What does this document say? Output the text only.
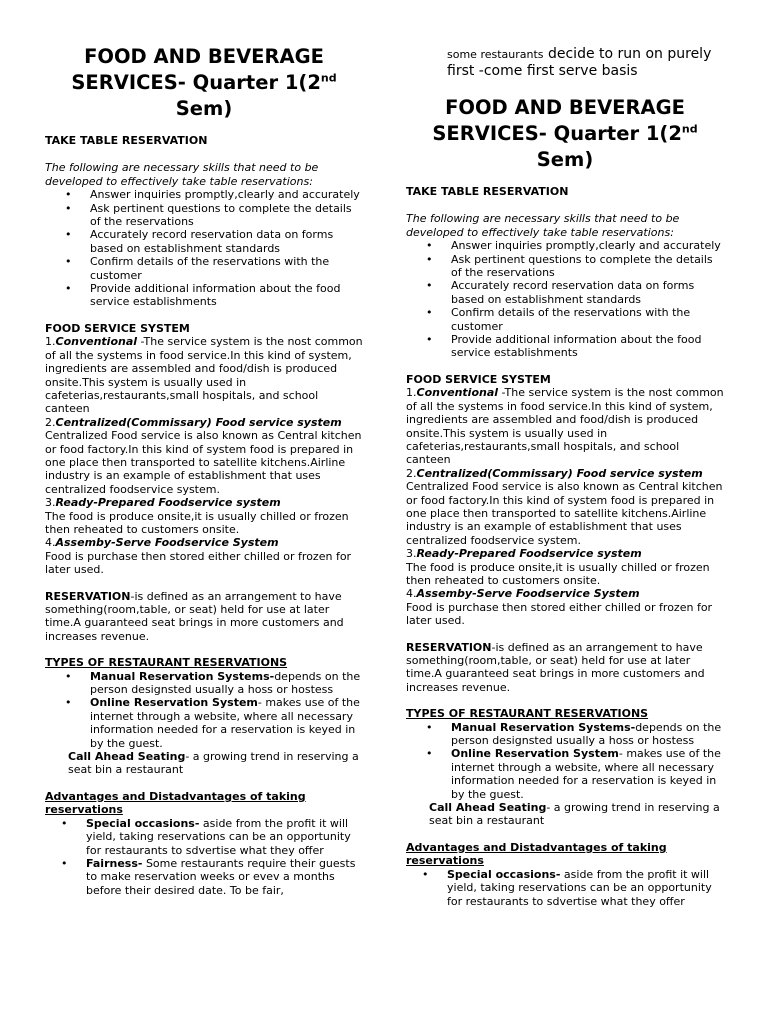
FOOD AND BEVERAGE SERVICES- Quarter 1(2nd
Sem)

TAKE TABLE RESERVATION

The following are necessary skills that need to be developed to effectively take table reservations:

• Answer inquiries promptly,clearly and accurately
• Ask pertinent questions to complete the details of the reservations
• Accurately record reservation data on forms based on establishment standards
• Confirm details of the reservations with the customer
• Provide additional information about the food service establishments

FOOD SERVICE SYSTEM

1.Conventional -The service system is the nost common of all the systems in food service.In this kind of system, ingredients are assembled and food/dish is produced onsite.This system is usually used in cafeterias,restaurants,small hospitals, and school canteen

2.Centralized(Commissary) Food service system
Centralized Food service is also known as Central kitchen or food factory.In this kind of system food is prepared in one place then transported to satellite kitchens.Airline industry is an example of establishment that uses centralized foodservice system.

3.Ready-Prepared Foodservice system
The food is produce onsite,it is usually chilled or frozen then reheated to customers onsite.

4.Assemby-Serve Foodservice System
Food is purchase then stored either chilled or frozen for later used.

RESERVATION-is defined as an arrangement to have something(room,table, or seat) held for use at later time.A guaranteed seat brings in more customers and increases revenue.

TYPES OF RESTAURANT RESERVATIONS

• Manual Reservation Systems-depends on the person designsted usually a hoss or hostess
• Online Reservation System- makes use of the internet through a website, where all necessary information needed for a reservation is keyed in by the guest.

Call Ahead Seating- a growing trend in reserving a seat bin a restaurant

Advantages and Distadvantages of taking reservations

• Special occasions- aside from the profit it will yield, taking reservations can be an opportunity for restaurants to sdvertise what they offer
• Fairness- Some restaurants require their guests to make reservation weeks or evev a months before their desired date. To be fair,

some restaurants decide to run on purely first -come first serve basis

FOOD AND BEVERAGE SERVICES- Quarter 1(2nd
Sem)

TAKE TABLE RESERVATION

The following are necessary skills that need to be developed to effectively take table reservations:

• Answer inquiries promptly,clearly and accurately
• Ask pertinent questions to complete the details of the reservations
• Accurately record reservation data on forms based on establishment standards
• Confirm details of the reservations with the customer
• Provide additional information about the food service establishments

FOOD SERVICE SYSTEM

1.Conventional -The service system is the nost common of all the systems in food service.In this kind of system, ingredients are assembled and food/dish is produced onsite.This system is usually used in cafeterias,restaurants,small hospitals, and school canteen

2.Centralized(Commissary) Food service system
Centralized Food service is also known as Central kitchen or food factory.In this kind of system food is prepared in one place then transported to satellite kitchens.Airline industry is an example of establishment that uses centralized foodservice system.

3.Ready-Prepared Foodservice system
The food is produce onsite,it is usually chilled or frozen then reheated to customers onsite.

4.Assemby-Serve Foodservice System
Food is purchase then stored either chilled or frozen for later used.

RESERVATION-is defined as an arrangement to have something(room,table, or seat) held for use at later time.A guaranteed seat brings in more customers and increases revenue.

TYPES OF RESTAURANT RESERVATIONS

• Manual Reservation Systems-depends on the person designsted usually a hoss or hostess
• Online Reservation System- makes use of the internet through a website, where all necessary information needed for a reservation is keyed in by the guest.

Call Ahead Seating- a growing trend in reserving a seat bin a restaurant

Advantages and Distadvantages of taking reservations

• Special occasions- aside from the profit it will yield, taking reservations can be an opportunity for restaurants to sdvertise what they offer
